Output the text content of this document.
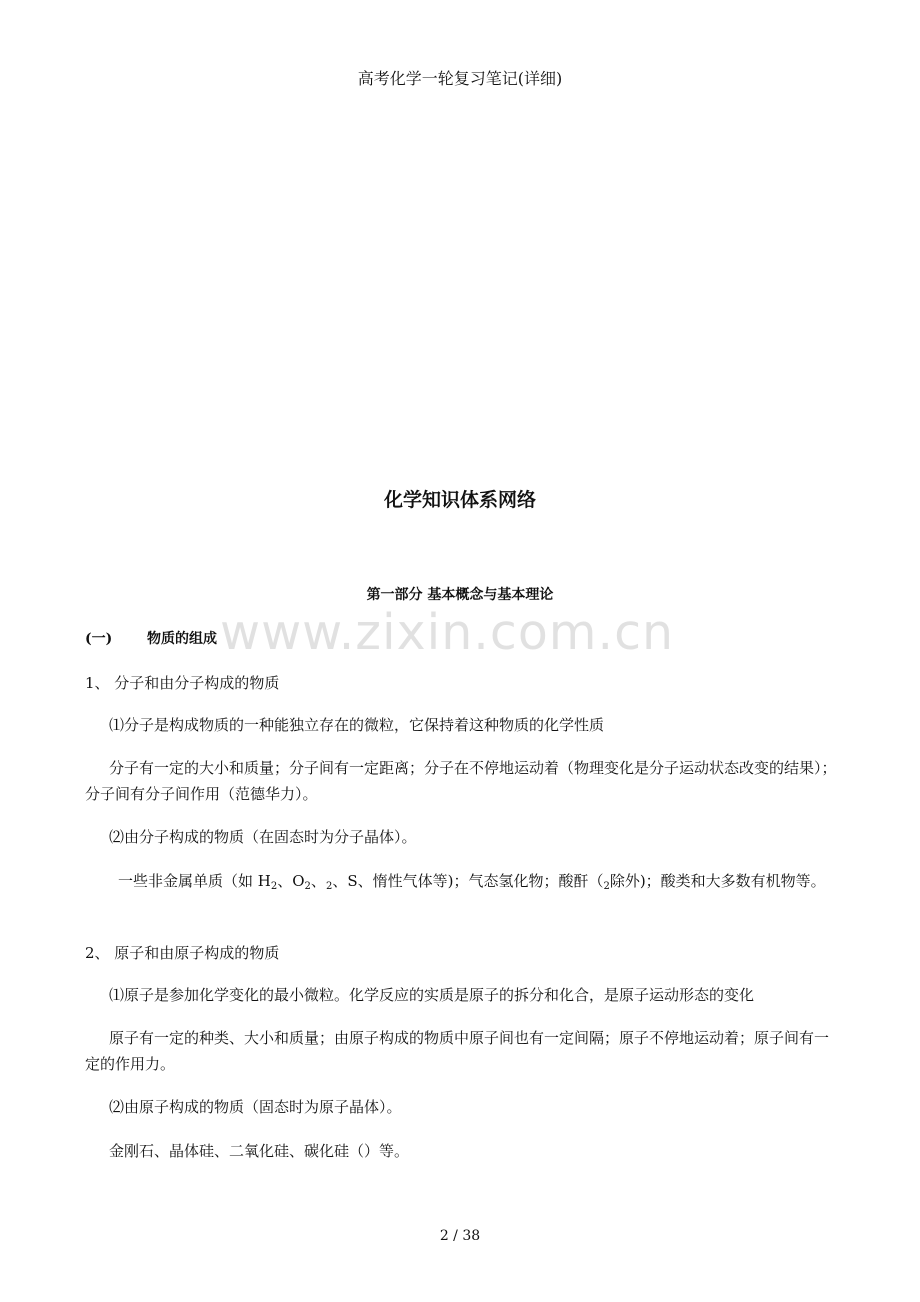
高考化学一轮复习笔记(详细)
化学知识体系网络
第一部分 基本概念与基本理论
www.zixin.com.cn
(一) 物质的组成
1、 分子和由分子构成的物质
⑴分子是构成物质的一种能独立存在的微粒，它保持着这种物质的化学性质
分子有一定的大小和质量；分子间有一定距离；分子在不停地运动着（物理变化是分子运动状态改变的结果）；分子间有分子间作用（范德华力）。
⑵由分子构成的物质（在固态时为分子晶体）。
一些非金属单质（如 $H_2$、$O_2$、$_2$、S、惰性气体等)；气态氢化物；酸酐（$_2$除外)；酸类和大多数有机物等。
2、 原子和由原子构成的物质
⑴原子是参加化学变化的最小微粒。化学反应的实质是原子的拆分和化合，是原子运动形态的变化
原子有一定的种类、大小和质量；由原子构成的物质中原子间也有一定间隔；原子不停地运动着；原子间有一定的作用力。
⑵由原子构成的物质（固态时为原子晶体）。
金刚石、晶体硅、二氧化硅、碳化硅（）等。
2 / 38
